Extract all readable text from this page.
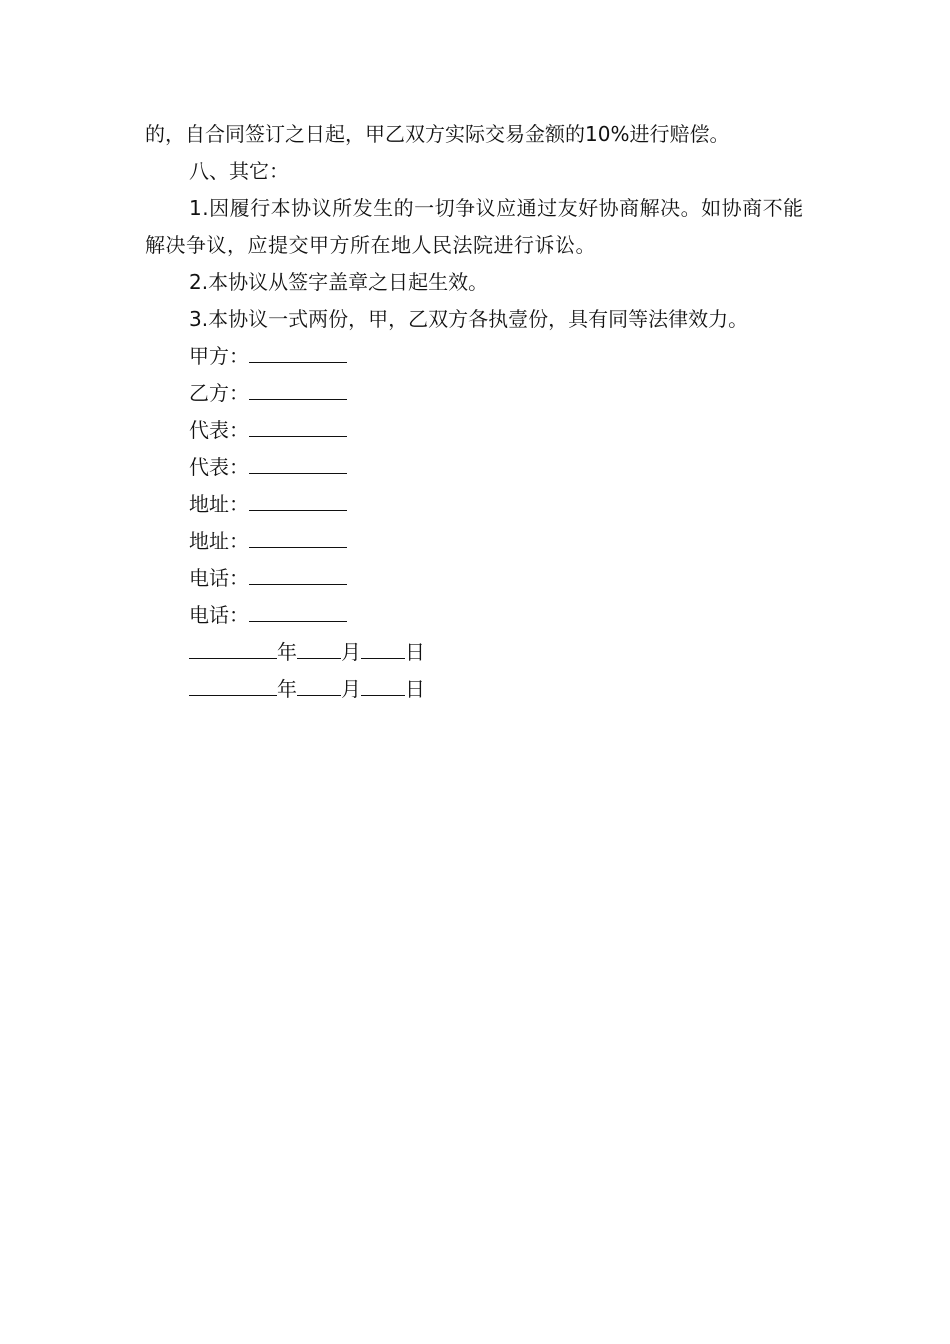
的，自合同签订之日起，甲乙双方实际交易金额的10%进行赔偿。
八、其它：
1.因履行本协议所发生的一切争议应通过友好协商解决。如协商不能解决争议，应提交甲方所在地人民法院进行诉讼。
2.本协议从签字盖章之日起生效。
3.本协议一式两份，甲，乙双方各执壹份，具有同等法律效力。
甲方：
乙方：
代表：
代表：
地址：
地址：
电话：
电话：
年 月 日
年 月 日
